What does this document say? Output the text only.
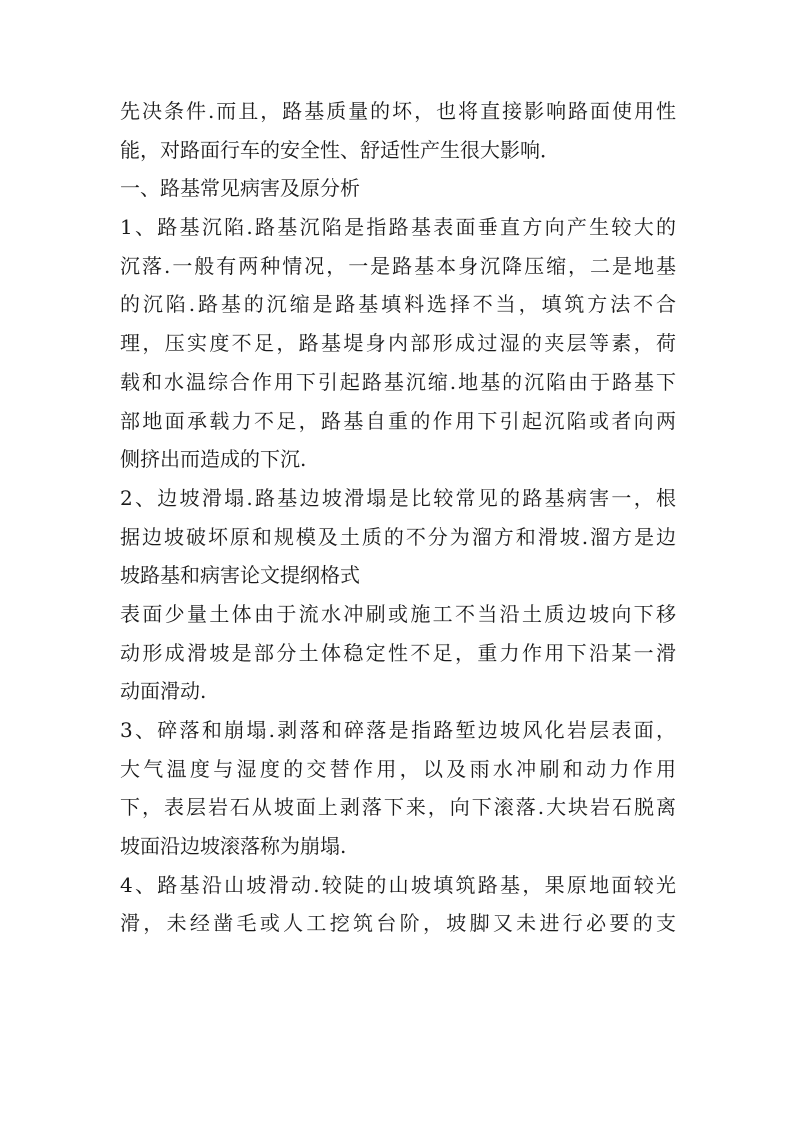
先决条件.而且，路基质量的坏，也将直接影响路面使用性
能，对路面行车的安全性、舒适性产生很大影响．
一、路基常见病害及原分析
1、路基沉陷.路基沉陷是指路基表面垂直方向产生较大的
沉落.一般有两种情况，一是路基本身沉降压缩，二是地基
的沉陷.路基的沉缩是路基填料选择不当，填筑方法不合
理，压实度不足，路基堤身内部形成过湿的夹层等素，荷
载和水温综合作用下引起路基沉缩.地基的沉陷由于路基下
部地面承载力不足，路基自重的作用下引起沉陷或者向两
侧挤出而造成的下沉.
2、边坡滑塌.路基边坡滑塌是比较常见的路基病害一，根
据边坡破坏原和规模及土质的不分为溜方和滑坡.溜方是边
坡路基和病害论文提纲格式
表面少量土体由于流水冲刷或施工不当沿土质边坡向下移
动形成滑坡是部分土体稳定性不足，重力作用下沿某一滑
动面滑动.
3、碎落和崩塌.剥落和碎落是指路堑边坡风化岩层表面，
大气温度与湿度的交替作用，以及雨水冲刷和动力作用
下，表层岩石从坡面上剥落下来，向下滚落.大块岩石脱离
坡面沿边坡滚落称为崩塌.
4、路基沿山坡滑动.较陡的山坡填筑路基，果原地面较光
滑，未经凿毛或人工挖筑台阶，坡脚又未进行必要的支
